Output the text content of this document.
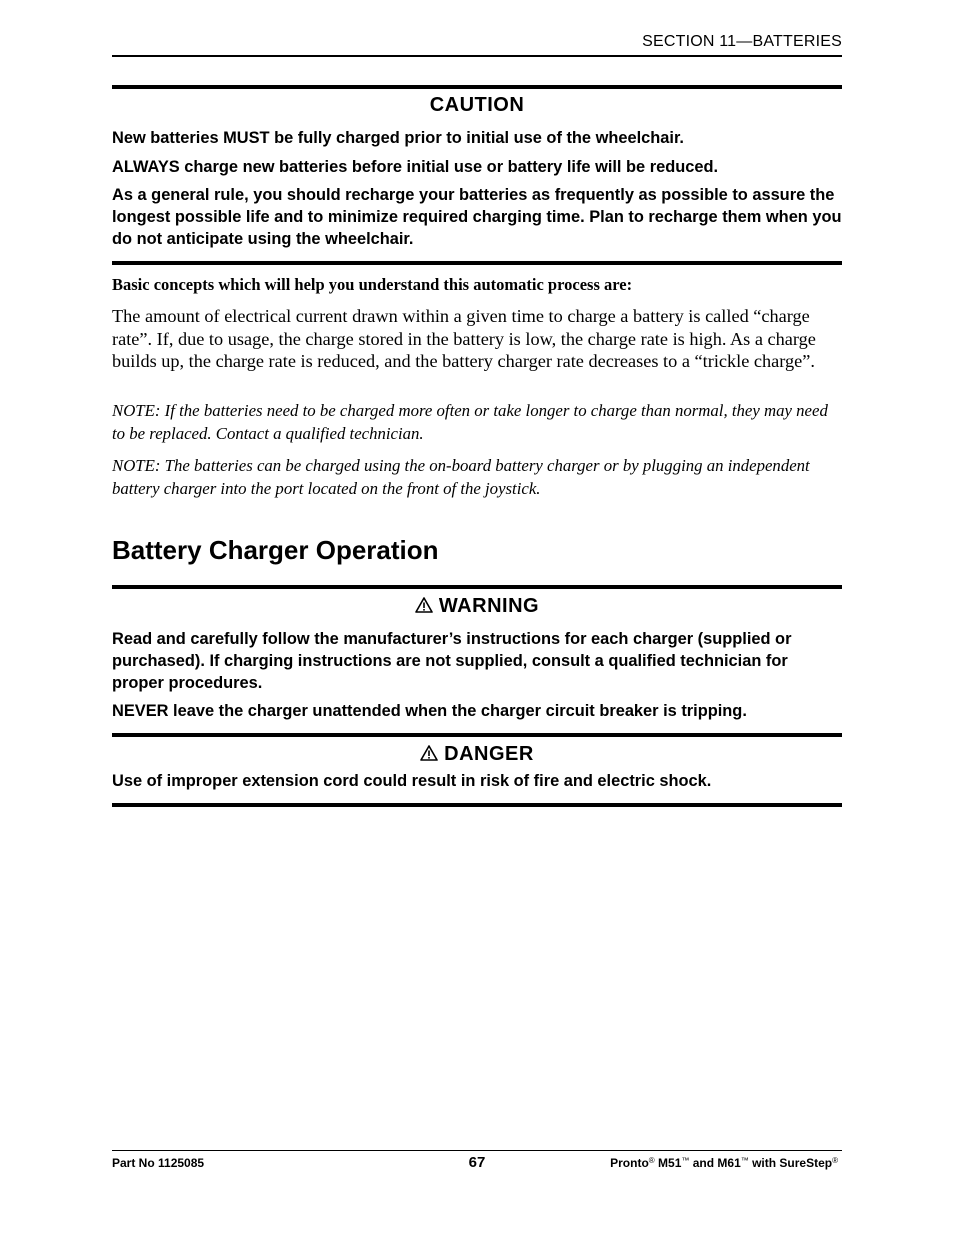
SECTION 11—BATTERIES
CAUTION
New batteries MUST be fully charged prior to initial use of the wheelchair.
ALWAYS charge new batteries before initial use or battery life will be reduced.
As a general rule, you should recharge your batteries as frequently as possible to assure the longest possible life and to minimize required charging time. Plan to recharge them when you do not anticipate using the wheelchair.
Basic concepts which will help you understand this automatic process are:
The amount of electrical current drawn within a given time to charge a battery is called “charge rate”. If, due to usage, the charge stored in the battery is low, the charge rate is high. As a charge builds up, the charge rate is reduced, and the battery charger rate decreases to a “trickle charge”.
NOTE: If the batteries need to be charged more often or take longer to charge than normal, they may need to be replaced. Contact a qualified technician.
NOTE: The batteries can be charged using the on-board battery charger or by plugging an independent battery charger into the port located on the front of the joystick.
Battery Charger Operation
WARNING
Read and carefully follow the manufacturer’s instructions for each charger (supplied or purchased). If charging instructions are not supplied, consult a qualified technician for proper procedures.
NEVER leave the charger unattended when the charger circuit breaker is tripping.
DANGER
Use of improper extension cord could result in risk of fire and electric shock.
Part No 1125085	67	Pronto® M51™ and M61™ with SureStep®
